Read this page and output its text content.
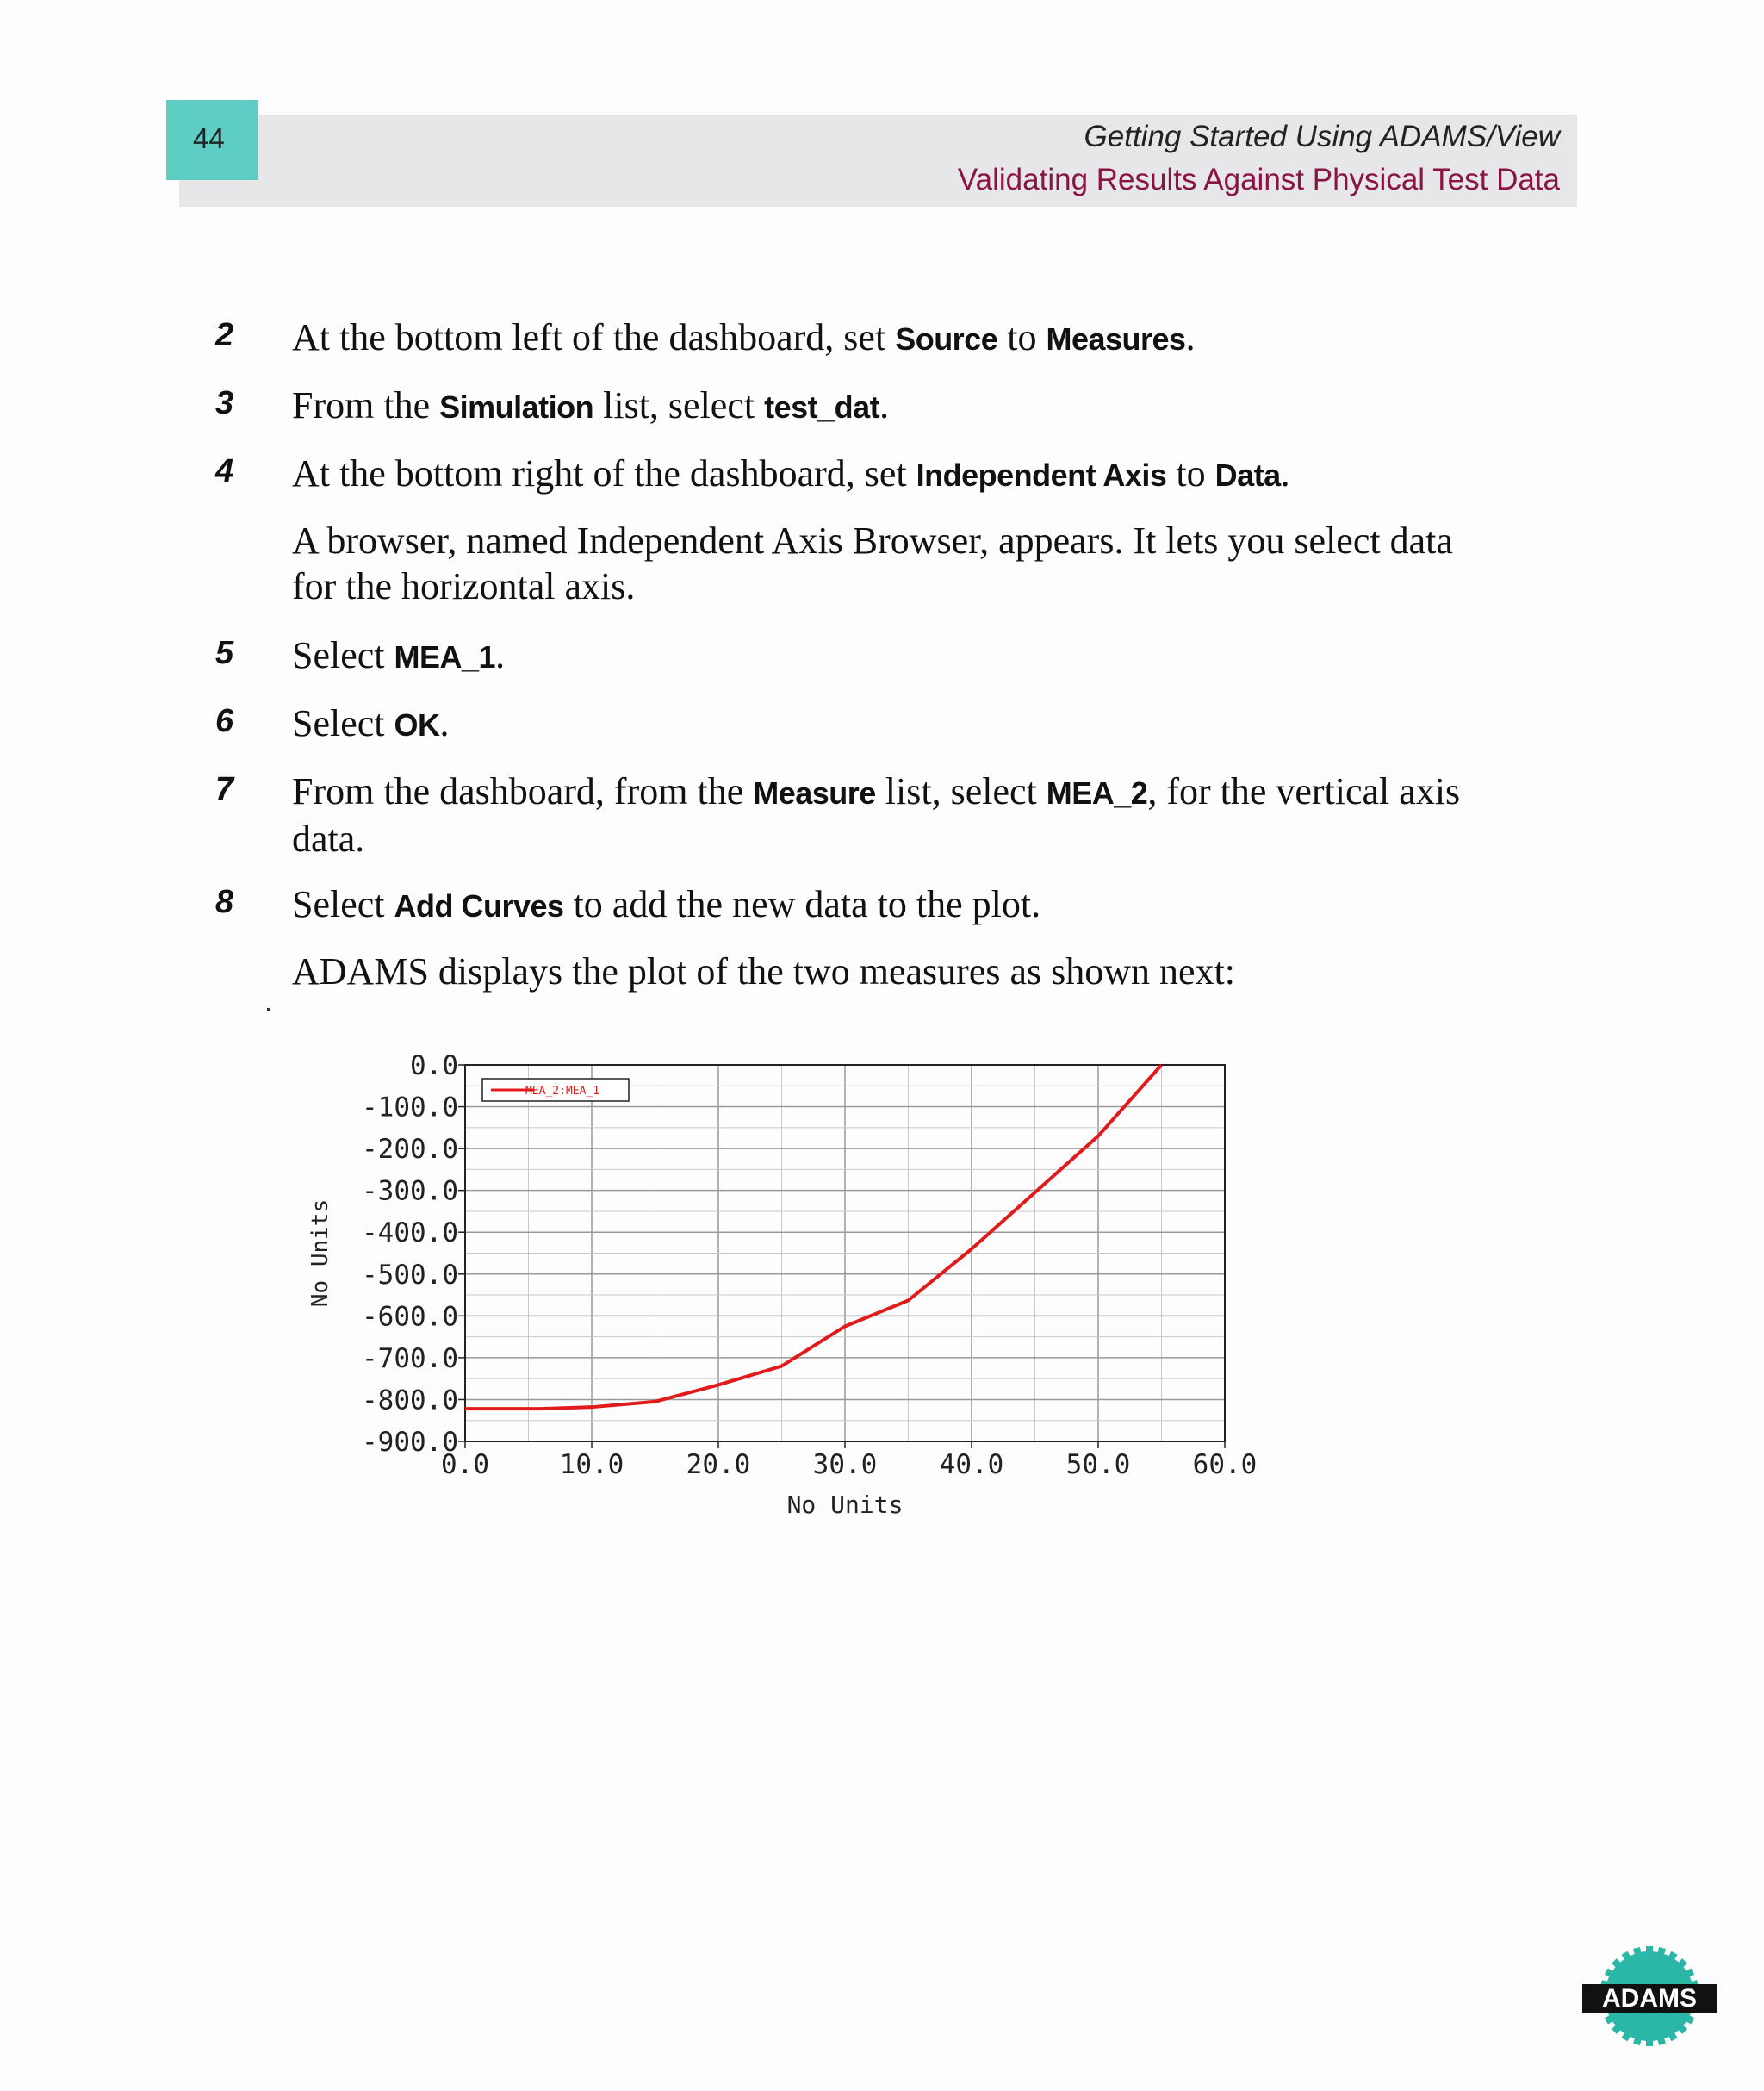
44	Getting Started Using ADAMS/View
Validating Results Against Physical Test Data
2 At the bottom left of the dashboard, set Source to Measures.
3 From the Simulation list, select test_dat.
4 At the bottom right of the dashboard, set Independent Axis to Data.
A browser, named Independent Axis Browser, appears. It lets you select data for the horizontal axis.
5 Select MEA_1.
6 Select OK.
7 From the dashboard, from the Measure list, select MEA_2, for the vertical axis data.
8 Select Add Curves to add the new data to the plot.
ADAMS displays the plot of the two measures as shown next:
0.0	10.0 20.0 30.0 40.0 50.0 60.0
0.0
-100.0
-200.0
-300.0
-400.0
-500.0
-600.0
-700.0
-800.0
-900.0
MEA_2:MEA_1
No Units
No Units
ADAMS
